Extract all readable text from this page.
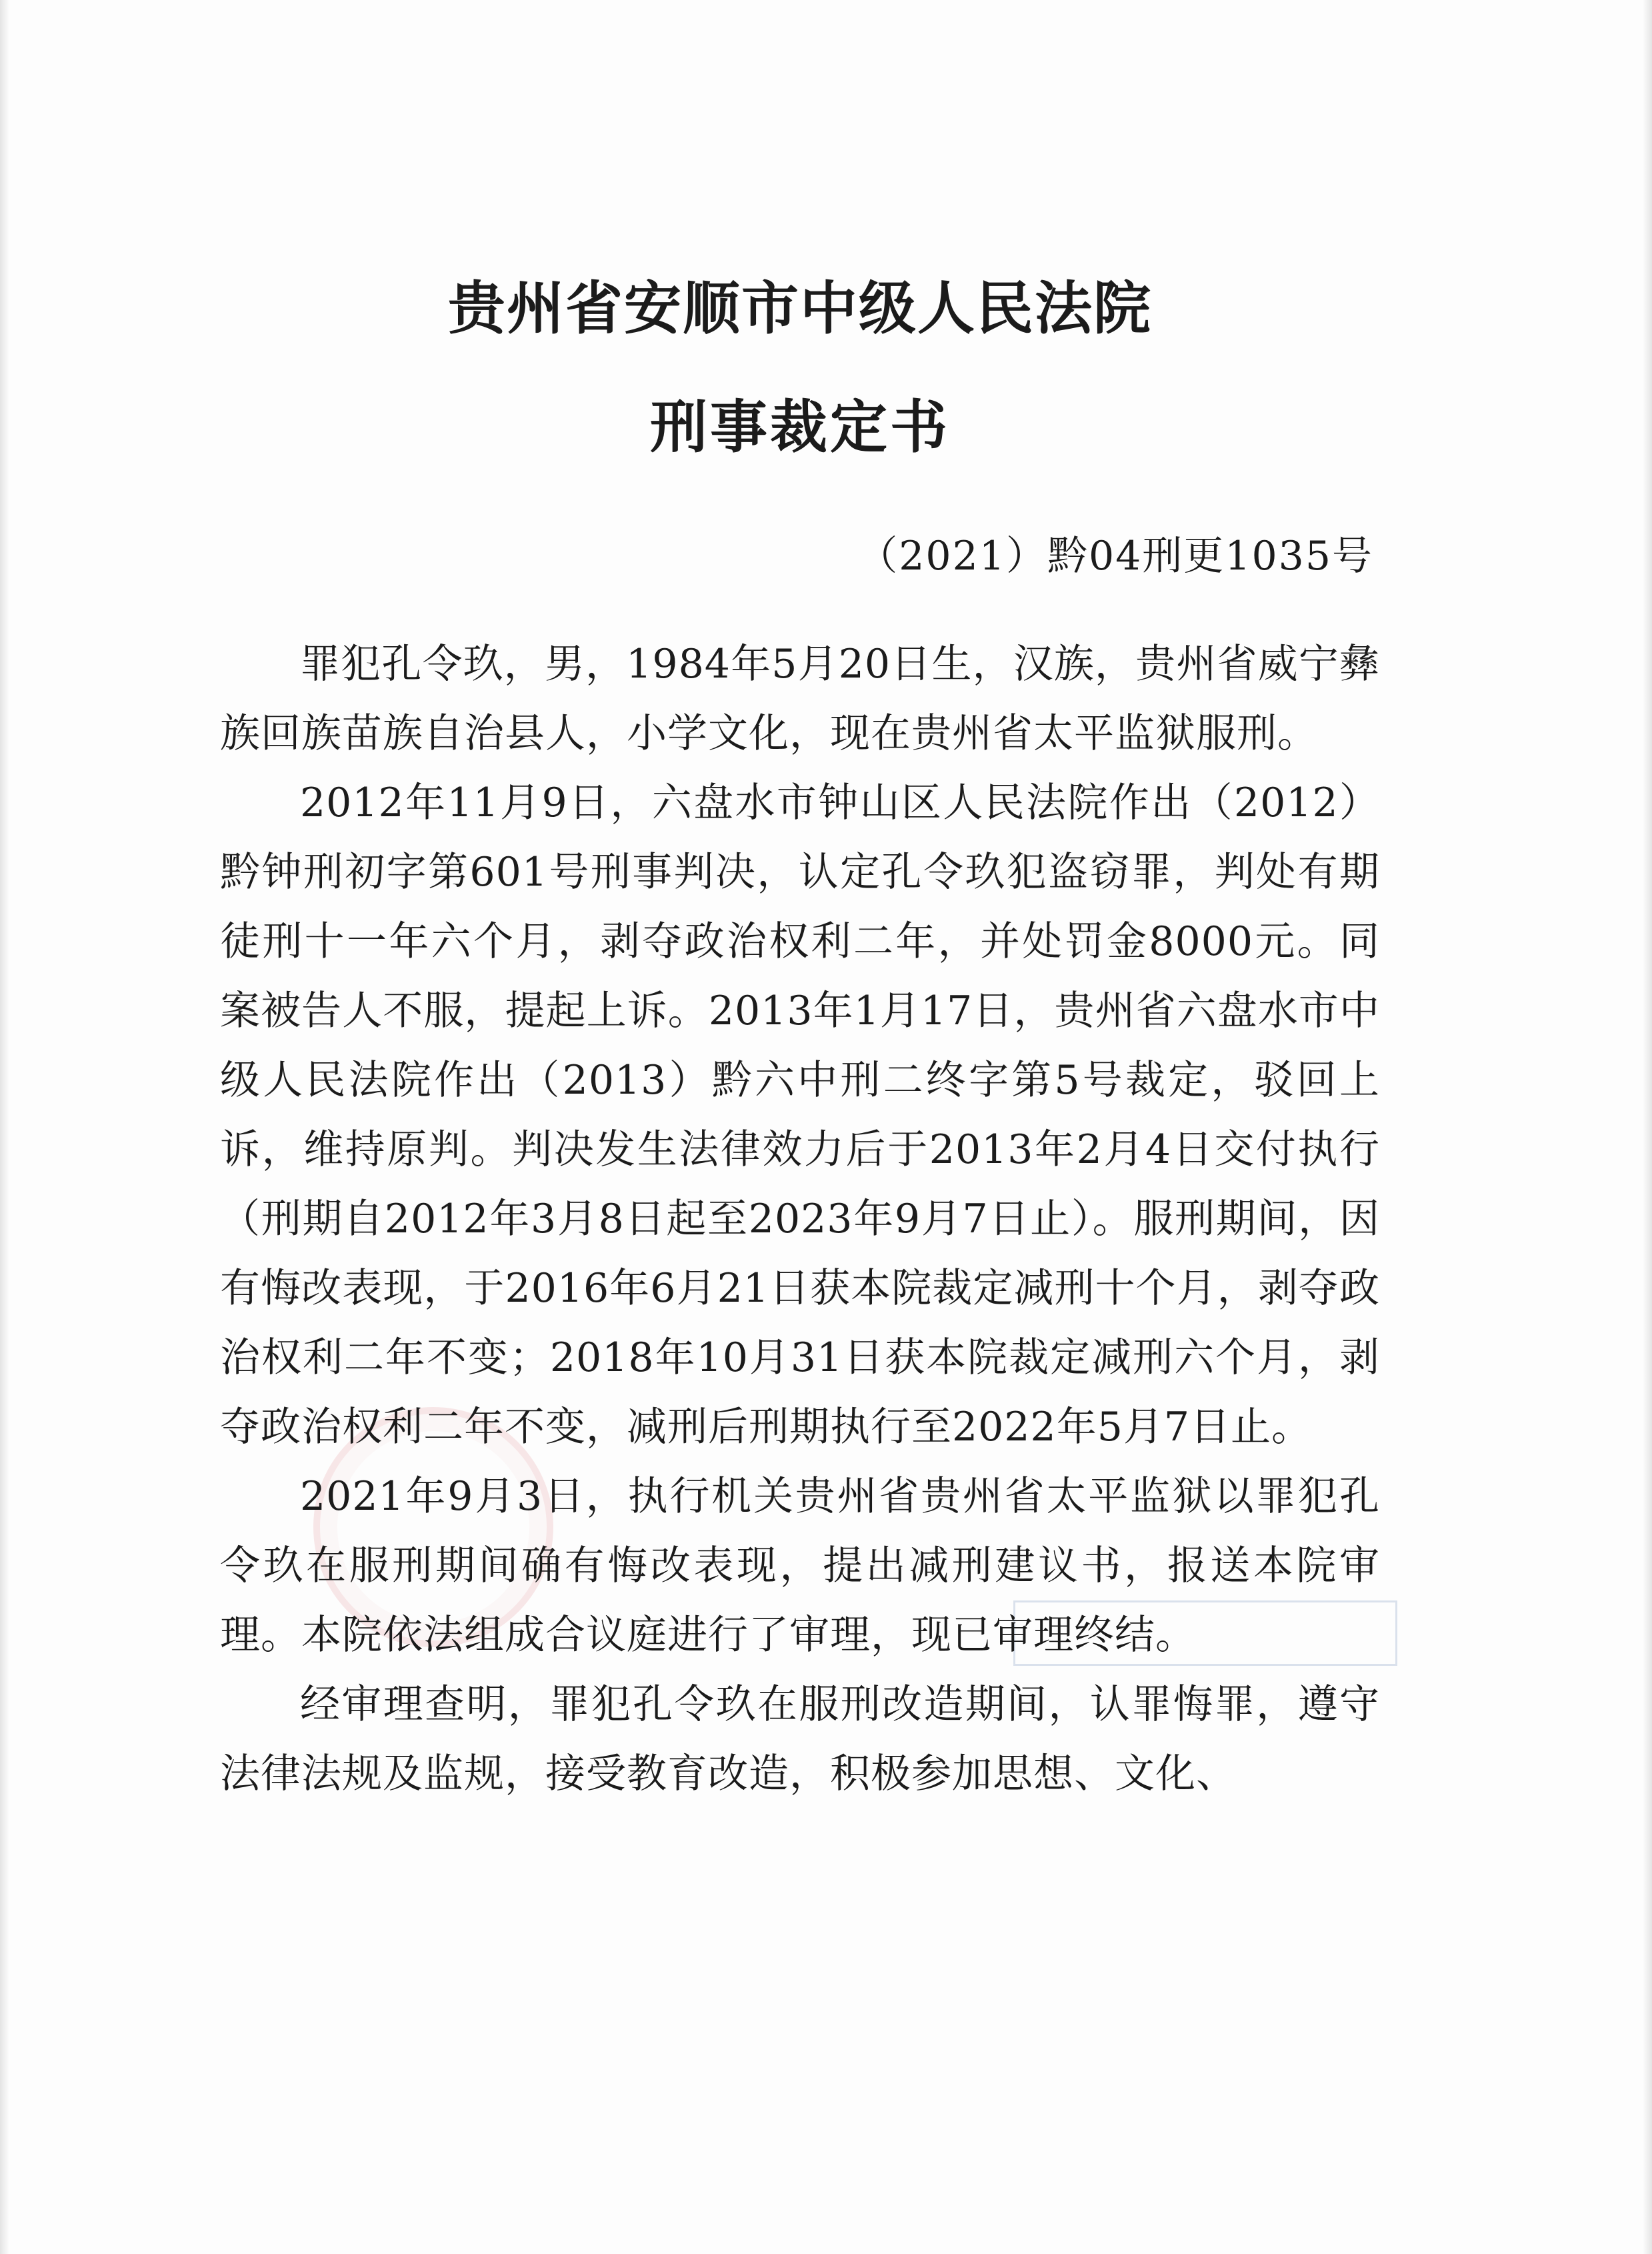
贵州省安顺市中级人民法院
刑事裁定书

（2021）黔04刑更1035号

罪犯孔令玖，男，1984年5月20日生，汉族，贵州省威宁彝族回族苗族自治县人，小学文化，现在贵州省太平监狱服刑。

2012年11月9日，六盘水市钟山区人民法院作出（2012）黔钟刑初字第601号刑事判决，认定孔令玖犯盗窃罪，判处有期徒刑十一年六个月，剥夺政治权利二年，并处罚金8000元。同案被告人不服，提起上诉。2013年1月17日，贵州省六盘水市中级人民法院作出（2013）黔六中刑二终字第5号裁定，驳回上诉，维持原判。判决发生法律效力后于2013年2月4日交付执行（刑期自2012年3月8日起至2023年9月7日止）。服刑期间，因有悔改表现，于2016年6月21日获本院裁定减刑十个月，剥夺政治权利二年不变；2018年10月31日获本院裁定减刑六个月，剥夺政治权利二年不变，减刑后刑期执行至2022年5月7日止。

2021年9月3日，执行机关贵州省贵州省太平监狱以罪犯孔令玖在服刑期间确有悔改表现，提出减刑建议书，报送本院审理。本院依法组成合议庭进行了审理，现已审理终结。

经审理查明，罪犯孔令玖在服刑改造期间，认罪悔罪，遵守法律法规及监规，接受教育改造，积极参加思想、文化、
